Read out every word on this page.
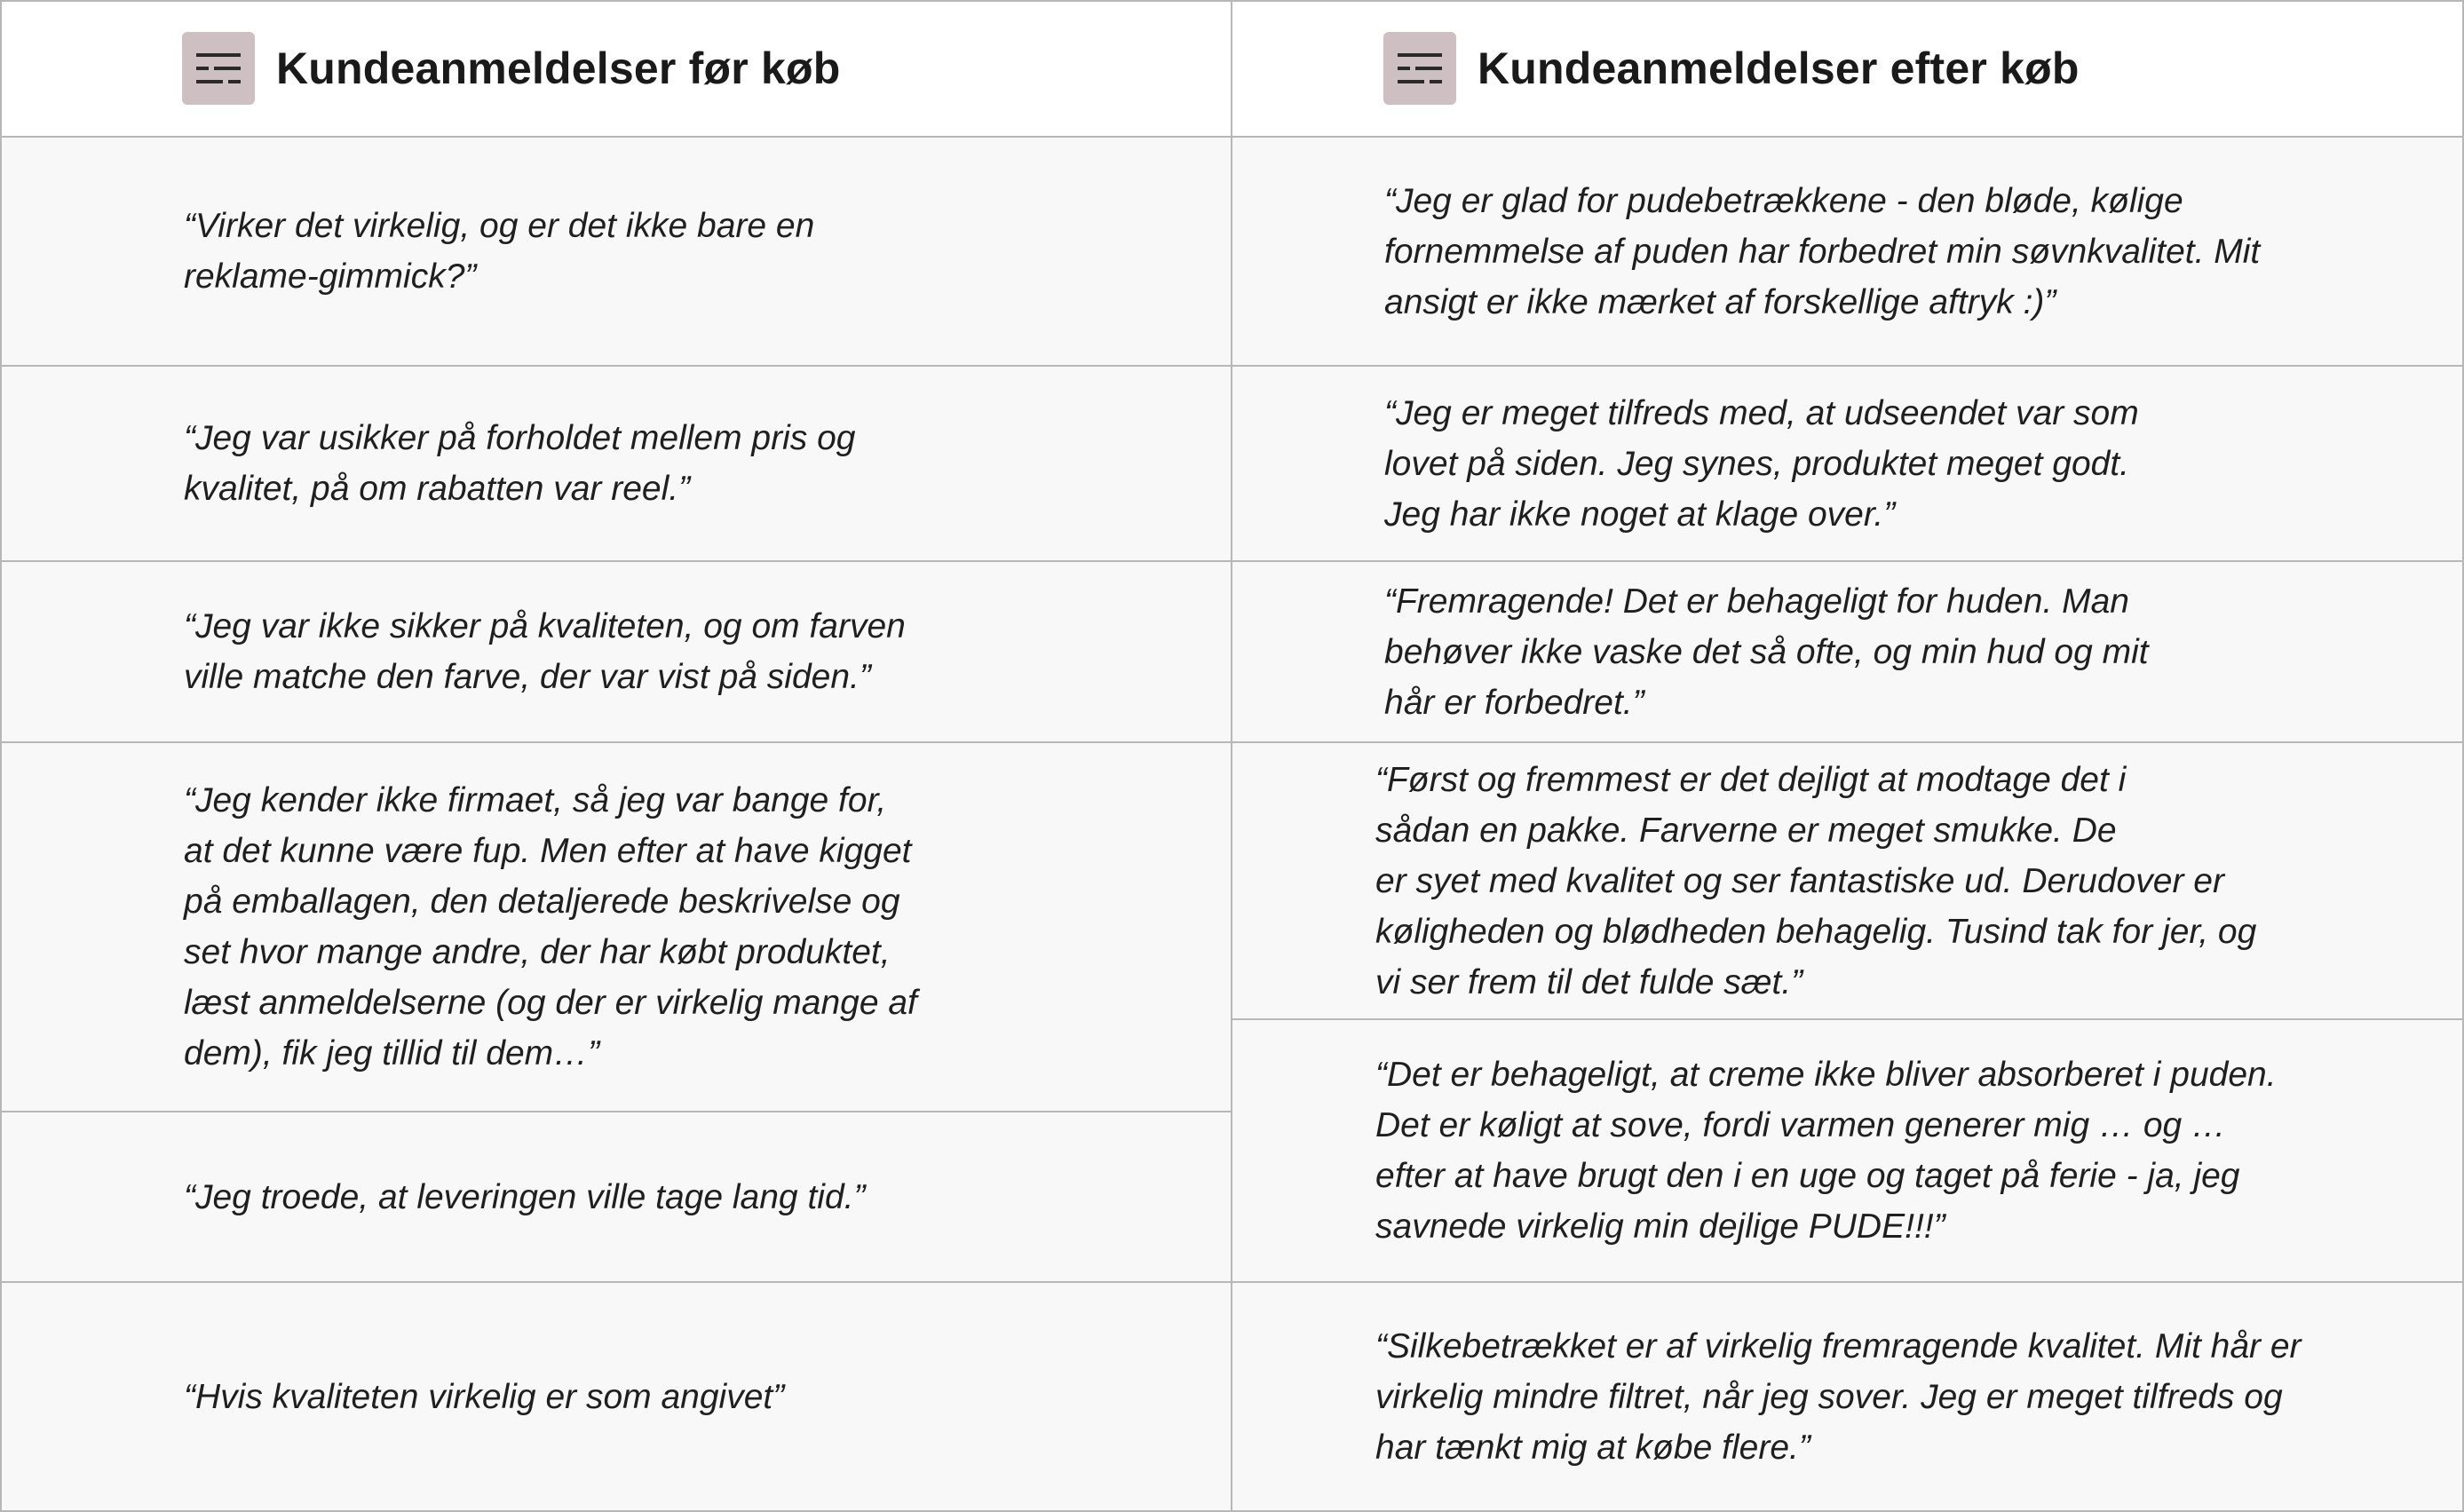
Kundeanmeldelser før køb	Kundeanmeldelser efter køb
“Virker det virkelig, og er det ikke bare en
reklame-gimmick?”
“Jeg var usikker på forholdet mellem pris og
kvalitet, på om rabatten var reel.”
“Jeg var ikke sikker på kvaliteten, og om farven
ville matche den farve, der var vist på siden.”
“Jeg kender ikke firmaet, så jeg var bange for,
at det kunne være fup. Men efter at have kigget
på emballagen, den detaljerede beskrivelse og
set hvor mange andre, der har købt produktet,
læst anmeldelserne (og der er virkelig mange af
dem), fik jeg tillid til dem…”
“Jeg troede, at leveringen ville tage lang tid.”
“Hvis kvaliteten virkelig er som angivet”
“Jeg er glad for pudebetrækkene - den bløde, kølige
fornemmelse af puden har forbedret min søvnkvalitet. Mit
ansigt er ikke mærket af forskellige aftryk :)”
“Jeg er meget tilfreds med, at udseendet var som
lovet på siden. Jeg synes, produktet meget godt.
Jeg har ikke noget at klage over.”
“Fremragende! Det er behageligt for huden. Man
behøver ikke vaske det så ofte, og min hud og mit
hår er forbedret.”
“Først og fremmest er det dejligt at modtage det i
sådan en pakke. Farverne er meget smukke. De
er syet med kvalitet og ser fantastiske ud. Derudover er
køligheden og blødheden behagelig. Tusind tak for jer, og
vi ser frem til det fulde sæt.”
“Det er behageligt, at creme ikke bliver absorberet i puden.
Det er køligt at sove, fordi varmen generer mig … og …
efter at have brugt den i en uge og taget på ferie - ja, jeg
savnede virkelig min dejlige PUDE!!!”
“Silkebetrækket er af virkelig fremragende kvalitet. Mit hår er
virkelig mindre filtret, når jeg sover. Jeg er meget tilfreds og
har tænkt mig at købe flere.”
